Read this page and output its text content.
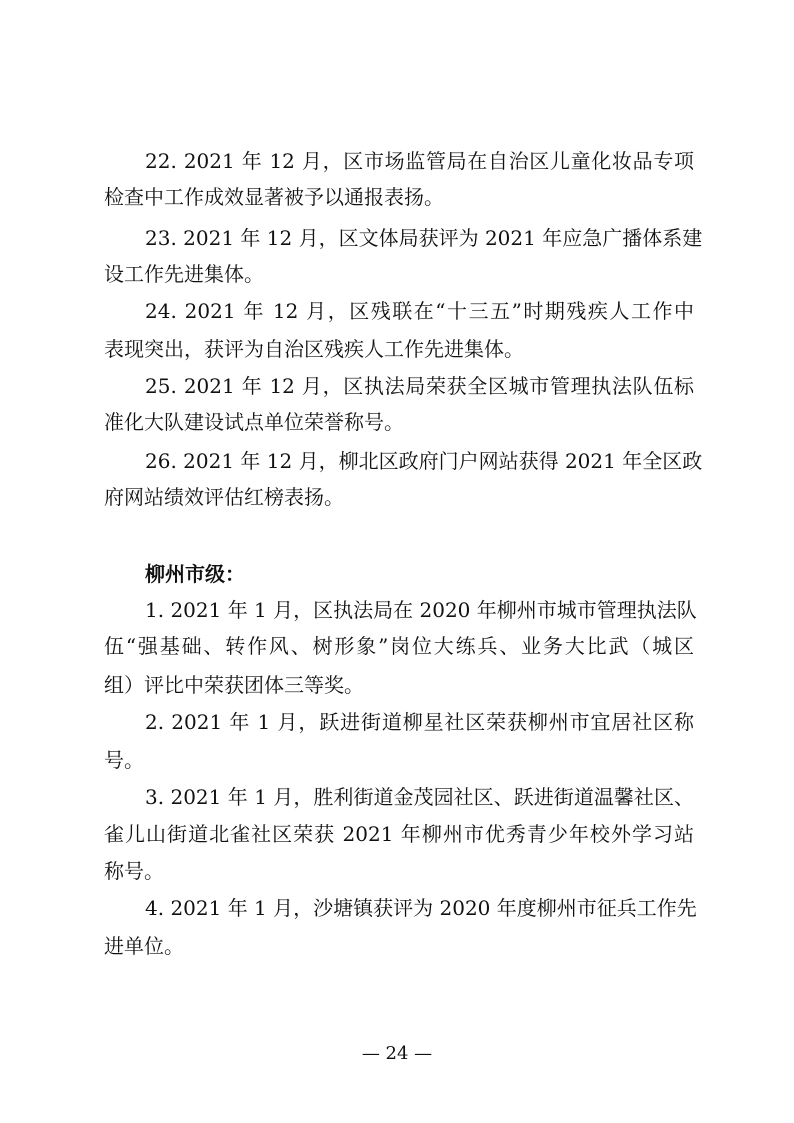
22. 2021 年 12 月，区市场监管局在自治区儿童化妆品专项
检查中工作成效显著被予以通报表扬。
23. 2021 年 12 月，区文体局获评为 2021 年应急广播体系建
设工作先进集体。
24. 2021 年 12 月，区残联在“十三五”时期残疾人工作中
表现突出，获评为自治区残疾人工作先进集体。
25. 2021 年 12 月，区执法局荣获全区城市管理执法队伍标
准化大队建设试点单位荣誉称号。
26. 2021 年 12 月，柳北区政府门户网站获得 2021 年全区政
府网站绩效评估红榜表扬。
柳州市级：
1. 2021 年 1 月，区执法局在 2020 年柳州市城市管理执法队
伍“强基础、转作风、树形象”岗位大练兵、业务大比武（城区
组）评比中荣获团体三等奖。
2. 2021 年 1 月，跃进街道柳星社区荣获柳州市宜居社区称
号。
3. 2021 年 1 月，胜利街道金茂园社区、跃进街道温馨社区、
雀儿山街道北雀社区荣获 2021 年柳州市优秀青少年校外学习站
称号。
4. 2021 年 1 月，沙塘镇获评为 2020 年度柳州市征兵工作先
进单位。
— 24 —
